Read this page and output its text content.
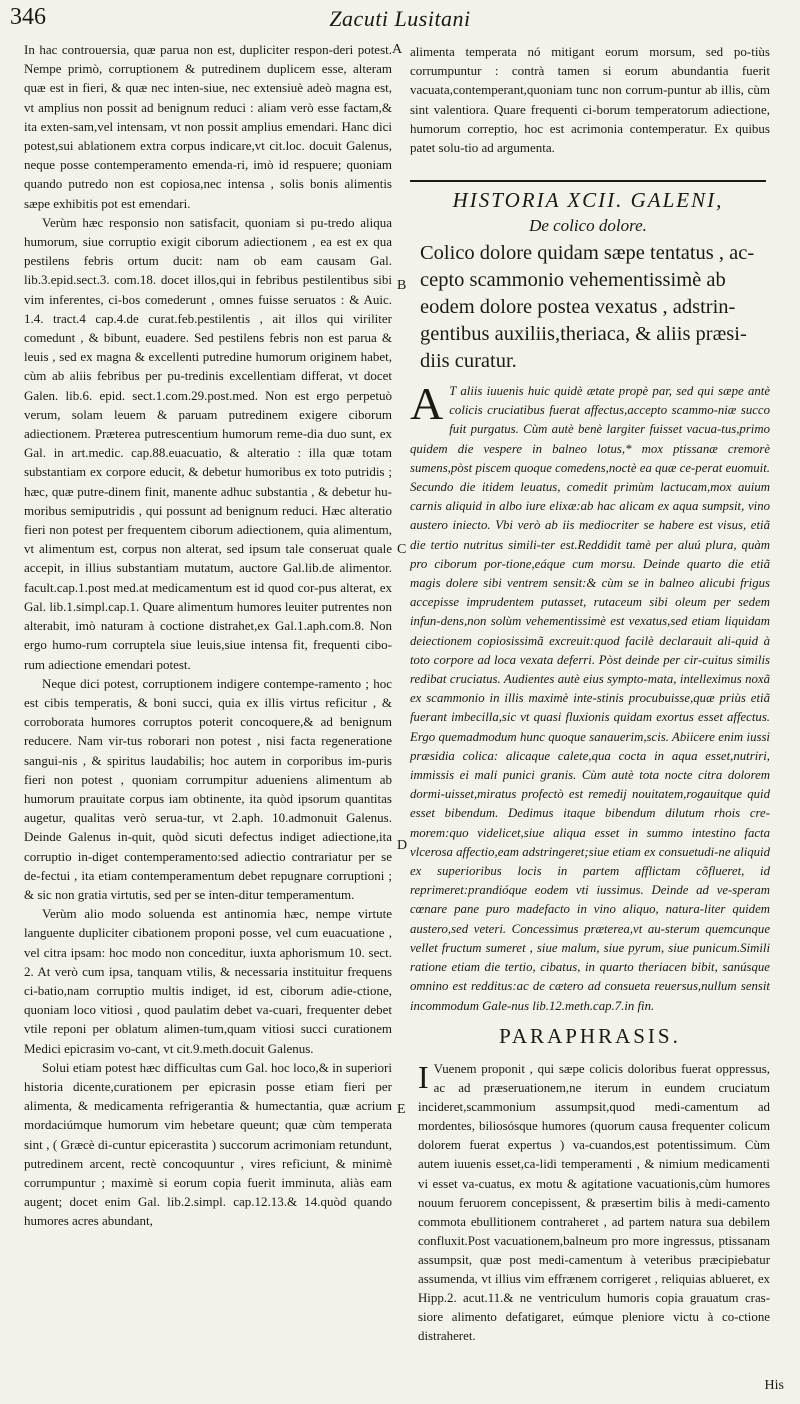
346	Zacuti Lusitani
A
B
C
D
E

In hac controuersia, quæ parua non est, dupliciter respon-deri potest. Nempe primò, corruptionem & putredinem duplicem esse, alteram quæ est in fieri, & quæ nec inten-siue, nec extensiuè adeò magna est, vt amplius non possit ad benignum reduci : aliam verò esse factam,& ita exten-sam,vel intensam, vt non possit amplius emendari. Hanc dici potest,sui ablationem extra corpus indicare,vt cit.loc. docuit Galenus, neque posse contemperamento emenda-ri, imò id respuere; quoniam quando putredo non est copiosa,nec intensa , solis bonis alimentis sæpe exhibitis pot est emendari.

Verùm hæc responsio non satisfacit, quoniam si pu-tredo aliqua humorum, siue corruptio exigit ciborum adiectionem , ea est ex qua pestilens febris ortum ducit: nam ob eam causam Gal. lib.3.epid.sect.3. com.18. docet illos,qui in febribus pestilentibus sibi vim inferentes, ci-bos comederunt , omnes fuisse seruatos : & Auic. 1.4. tract.4 cap.4.de curat.feb.pestilentis , ait illos qui viriliter comedunt , & bibunt, euadere. Sed pestilens febris non est parua & leuis , sed ex magna & excellenti putredine humorum originem habet, cùm ab aliis febribus per pu-tredinis excellentiam differat, vt docet Galen. lib.6. epid. sect.1.com.29.post.med. Non est ergo perpetuò verum, solam leuem & paruam putredinem exigere ciborum adiectionem. Præterea putrescentium humorum reme-dia duo sunt, ex Gal. in art.medic. cap.88.euacuatio, & alteratio : illa quæ totam substantiam ex corpore educit, & debetur humoribus ex toto putridis ; hæc, quæ putre-dinem finit, manente adhuc substantia , & debetur hu-moribus semiputridis , qui possunt ad benignum reduci. Hæc alteratio fieri non potest per frequentem ciborum adiectionem, quia alimentum, vt alimentum est, corpus non alterat, sed ipsum tale conseruat quale accepit, in illius substantiam mutatum, auctore Gal.lib.de alimentor. facult.cap.1.post med.at medicamentum est id quod cor-pus alterat, ex Gal. lib.1.simpl.cap.1. Quare alimentum humores leuiter putrentes non alterabit, imò naturam à coctione distrahet,ex Gal.1.aph.com.8. Non ergo humo-rum corruptela siue leuis,siue intensa fit, frequenti cibo-rum adiectione emendari potest.

Neque dici potest, corruptionem indigere contempe-ramento ; hoc est cibis temperatis, & boni succi, quia ex illis virtus reficitur , & corroborata humores corruptos poterit concoquere,& ad benignum reducere. Nam vir-tus roborari non potest , nisi facta regeneratione sangui-nis , & spiritus laudabilis; hoc autem in corporibus im-puris fieri non potest , quoniam corrumpitur adueniens alimentum ab humorum prauitate corpus iam obtinente, ita quòd ipsorum quantitas augetur, qualitas verò serua-tur, vt 2.aph. 10.admonuit Galenus. Deinde Galenus in-quit, quòd sicuti defectus indiget adiectione,ita corruptio in-diget contemperamento:sed adiectio contrariatur per se de-fectui , ita etiam contemperamentum debet repugnare corruptioni ; & sic non gratia virtutis, sed per se inten-ditur temperamentum.

Verùm alio modo soluenda est antinomia hæc, nempe virtute languente dupliciter cibationem proponi posse, vel cum euacuatione , vel citra ipsam: hoc modo non conceditur, iuxta aphorismum 10. sect. 2. At verò cum ipsa, tanquam vtilis, & necessaria instituitur frequens ci-batio,nam corruptio multis indiget, id est, ciborum adie-ctione, quoniam loco vitiosi , quod paulatim debet va-cuari, frequenter debet vtile reponi per oblatum alimen-tum,quam vitiosi succi curationem Medici epicrasim vo-cant, vt cit.9.meth.docuit Galenus.

Solui etiam potest hæc difficultas cum Gal. hoc loco,& in superiori historia dicente,curationem per epicrasin posse etiam fieri per alimenta, & medicamenta refrigerantia & humectantia, quæ acrium mordaciúmque humorum vim hebetare queunt; quæ cùm temperata sint , ( Græcè di-cuntur epicerastita ) succorum acrimoniam retundunt, putredinem arcent, rectè concoquuntur , vires reficiunt, & minimè corrumpuntur ; maximè si eorum copia fuerit imminuta, aliàs eam augent; docet enim Gal. lib.2.simpl. cap.12.13.& 14.quòd quando humores acres abundant,

alimenta temperata nó mitigant eorum morsum, sed po-tiùs corrumpuntur : contrà tamen si eorum abundantia fuerit vacuata,contemperant,quoniam tunc non corrum-puntur ab illis, cùm sint valentiora. Quare frequenti ci-borum temperatorum adiectione, humorum correptio, hoc est acrimonia contemperatur. Ex quibus patet solu-tio ad argumenta.

HISTORIA XCII. GALENI,
De colico dolore.
Colico dolore quidam sæpe tentatus , ac-
cepto scammonio vehementissimè ab
eodem dolore postea vexatus , adstrin-
gentibus auxiliis,theriaca, & aliis præsi-
diis curatur.
A T aliis iuuenis huic quidè ætate propè par, sed qui sæpe antè colicis cruciatibus fuerat affectus,accepto scammo-niæ succo fuit purgatus. Cùm autè benè largiter fuisset vacua-tus,primo quidem die vespere in balneo lotus,* mox ptissanæ cremorè sumens,pòst piscem quoque comedens,noctè ea quæ ce-perat euomuit. Secundo die itidem leuatus, comedit primùm lactucam,mox auium carnis aliquid in albo iure elixæ:ab hac alicam ex aqua sumpsit, vino austero iniecto. Vbi verò ab iis mediocriter se habere est visus, etiã die tertio nutritus simili-ter est.Reddidit tamè per aluú plura, quàm pro ciborum por-tione,eáque cum morsu. Deinde quarto die etiã magis dolere sibi ventrem sensit:& cùm se in balneo alicubi frigus accepisse imprudentem putasset, rutaceum sibi oleum per sedem infun-dens,non solùm vehementissimè est vexatus,sed etiam liquidam deiectionem copiosissimã excreuit:quod facilè declarauit ali-quid à toto corpore ad loca vexata deferri. Pòst deinde per cir-cuitus similis redibat cruciatus. Audientes autè eius sympto-mata, intelleximus noxã ex scammonio in illis maximè inte-stinis procubuisse,quæ priùs etiã fuerant imbecilla,sic vt quasi fluxionis quidam exortus esset affectus. Ergo quemadmodum hunc quoque sanauerim,scis. Abiicere enim iussi præsidia colica: alicaque calete,qua cocta in aqua esset,nutriri, immissis ei mali punici granis. Cùm autè tota nocte citra dolorem dormi-uisset,miratus profectò est remedij nouitatem,rogauitque quid esset bibendum. Dedimus itaque bibendum dilutum rhois cre-morem:quo videlicet,siue aliqua esset in summo intestino facta vlcerosa affectio,eam adstringeret;siue etiam ex consuetudi-ne aliquid ex superioribus locis in partem afflictam cõflueret, id reprimeret:prandióque eodem vti iussimus. Deinde ad ve-speram cœnare pane puro madefacto in vino aliquo, natura-liter quidem austero,sed veteri. Concessimus præterea,vt au-sterum quemcunque vellet fructum sumeret , siue malum, siue pyrum, siue punicum.Simili ratione etiam die tertio, cibatus, in quarto theriacen bibit, sanúsque omnino est redditus:ac de cætero ad consueta reuersus,nullum sensit incommodum Gale-nus lib.12.meth.cap.7.in fin.
PARAPHRASIS.
I Vuenem proponit , qui sæpe colicis doloribus fuerat oppressus, ac ad præseruationem,ne iterum in eundem cruciatum incideret,scammonium assumpsit,quod medi-camentum ad mordentes, biliosósque humores (quorum causa frequenter colicum dolorem fuerat expertus ) va-cuandos,est potentissimum. Cùm autem iuuenis esset,ca-lidi temperamenti , & nimium medicamenti vi esset va-cuatus, ex motu & agitatione vacuationis,cùm humores nouum feruorem concepissent, & præsertim bilis à medi-camento commota ebullitionem contraheret , ad partem natura sua debilem confluxit.Post vacuationem,balneum pro more ingressus, ptissanam assumpsit, quæ post medi-camentum à veteribus præcipiebatur assumenda, vt illius vim effrænem corrigeret , reliquias ablueret, ex Hipp.2. acut.11.& ne ventriculum humoris copia grauatum cras-siore alimento defatigaret, eúmque pleniore victu à co-ctione distraheret.
His
